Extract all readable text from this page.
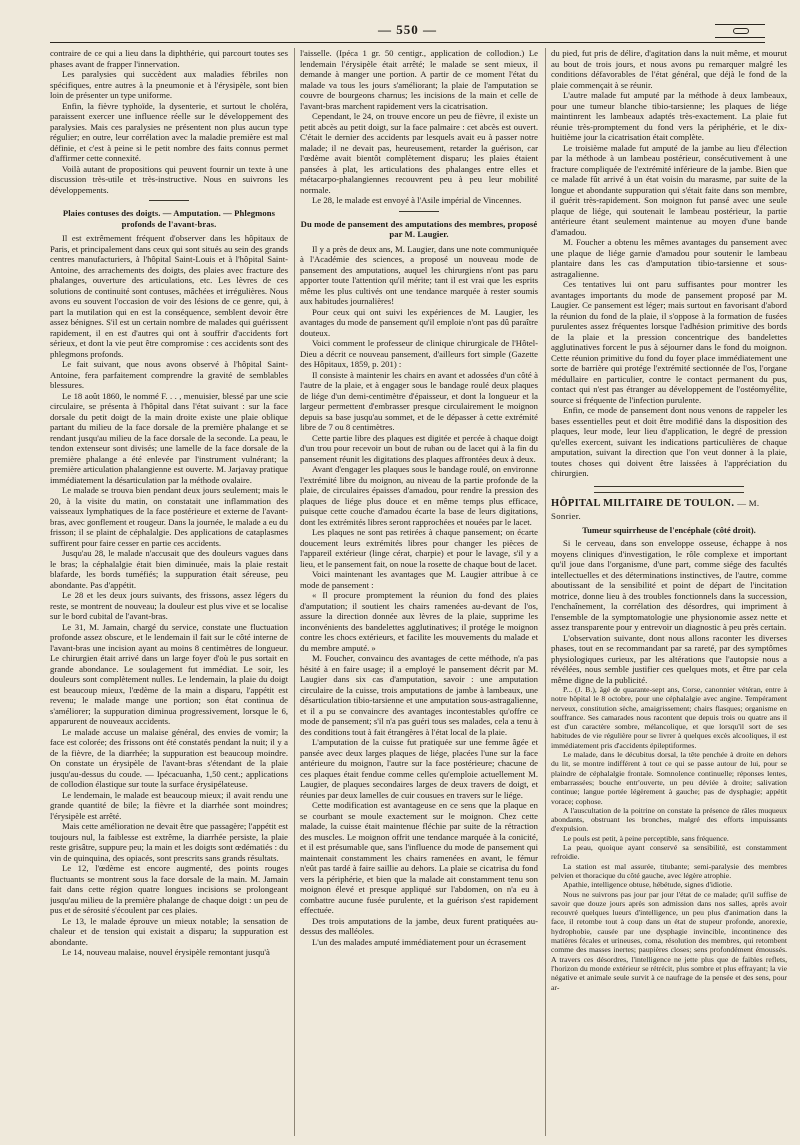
— 550 —

contraire de ce qui a lieu dans la diphthérie, qui parcourt toutes ses phases avant de frapper l'innervation.

Les paralysies qui succèdent aux maladies fébriles non spécifiques, entre autres à la pneumonie et à l'érysipèle, sont bien loin de présenter un type uniforme.

Enfin, la fièvre typhoïde, la dysenterie, et surtout le choléra, paraissent exercer une influence réelle sur le développement des paralysies. Mais ces paralysies ne présentent non plus aucun type régulier; en outre, leur corrélation avec la maladie première est mal définie, et c'est à peine si le petit nombre des faits connus permet d'affirmer cette connexité.

Voilà autant de propositions qui peuvent fournir un texte à une discussion très-utile et très-instructive. Nous en suivrons les développements.

Plaies contuses des doigts. — Amputation. — Phlegmons profonds de l'avant-bras.

Il est extrêmement fréquent d'observer dans les hôpitaux de Paris, et principalement dans ceux qui sont situés au sein des grands centres manufacturiers, à l'hôpital Saint-Louis et à l'hôpital Saint-Antoine, des arrachements des doigts, des plaies avec fracture des phalanges, ouverture des articulations, etc. Les lèvres de ces solutions de continuité sont contuses, mâchées et irrégulières. Nous avons eu souvent l'occasion de voir des lésions de ce genre, qui, à part la mutilation qui en est la conséquence, semblent devoir être assez bénignes. S'il est un certain nombre de malades qui guérissent rapidement, il en est d'autres qui ont à souffrir d'accidents fort sérieux, et dont la vie peut être compromise : ces accidents sont des phlegmons profonds.

Le fait suivant, que nous avons observé à l'hôpital Saint-Antoine, fera parfaitement comprendre la gravité de semblables blessures.

Le 18 août 1860, le nommé F. . . , menuisier, blessé par une scie circulaire, se présenta à l'hôpital dans l'état suivant : sur la face dorsale du petit doigt de la main droite existe une plaie oblique partant du milieu de la face dorsale de la première phalange et se rendant jusqu'au milieu de la face dorsale de la seconde. La peau, le tendon extenseur sont divisés; une lamelle de la face dorsale de la première phalange a été enlevée par l'instrument vulnérant; la première articulation phalangienne est ouverte. M. Jarjavay pratique immédiatement la désarticulation par la méthode ovalaire.

Le malade se trouva bien pendant deux jours seulement; mais le 20, à la visite du matin, on constatait une inflammation des vaisseaux lymphatiques de la face postérieure et externe de l'avant-bras, avec gonflement et rougeur. Dans la journée, le malade a eu du frisson; il se plaint de céphalalgie. Des applications de cataplasmes suffirent pour faire cesser en partie ces accidents.

Jusqu'au 28, le malade n'accusait que des douleurs vagues dans le bras; la céphalalgie était bien diminuée, mais la plaie restait blafarde, les bords tuméfiés; la suppuration était séreuse, peu abondante. Pas d'appétit.

Le 28 et les deux jours suivants, des frissons, assez légers du reste, se montrent de nouveau; la douleur est plus vive et se localise sur le bord cubital de l'avant-bras.

Le 31, M. Jamain, chargé du service, constate une fluctuation profonde assez obscure, et le lendemain il fait sur le côté interne de l'avant-bras une incision ayant au moins 8 centimètres de longueur. Le chirurgien était arrivé dans un large foyer d'où le pus sortait en grande abondance. Le soulagement fut immédiat. Le soir, les douleurs sont complètement nulles. Le lendemain, la plaie du doigt est beaucoup mieux, l'œdème de la main a disparu, l'appétit est revenu; le malade mange une portion; son état continua de s'améliorer; la suppuration diminua progressivement, lorsque le 6, apparurent de nouveaux accidents.

Le malade accuse un malaise général, des envies de vomir; la face est colorée; des frissons ont été constatés pendant la nuit; il y a de la fièvre, de la diarrhée; la suppuration est beaucoup moindre. On constate un érysipèle de l'avant-bras s'étendant de la plaie jusqu'au-dessus du coude. — Ipécacuanha, 1,50 cent.; applications de collodion élastique sur toute la surface érysipélateuse.

Le lendemain, le malade est beaucoup mieux; il avait rendu une grande quantité de bile; la fièvre et la diarrhée sont moindres; l'érysipèle est arrêté.

Mais cette amélioration ne devait être que passagère; l'appétit est toujours nul, la faiblesse est extrême, la diarrhée persiste, la plaie reste grisâtre, suppure peu; la main et les doigts sont œdématiés : du vin de quinquina, des opiacés, sont prescrits sans grands résultats.

Le 12, l'œdème est encore augmenté, des points rouges fluctuants se montrent sous la face dorsale de la main. M. Jamain fait dans cette région quatre longues incisions se prolongeant jusqu'au milieu de la première phalange de chaque doigt : un peu de pus et de sérosité s'écoulent par ces plaies.

Le 13, le malade éprouve un mieux notable; la sensation de chaleur et de tension qui existait a disparu; la suppuration est abondante.

Le 14, nouveau malaise, nouvel érysipèle remontant jusqu'à

l'aisselle. (Ipéca 1 gr. 50 centigr., application de collodion.) Le lendemain l'érysipèle était arrêté; le malade se sent mieux, il demande à manger une portion. A partir de ce moment l'état du malade va tous les jours s'améliorant; la plaie de l'amputation se couvre de bourgeons charnus; les incisions de la main et celle de l'avant-bras marchent rapidement vers la cicatrisation.

Cependant, le 24, on trouve encore un peu de fièvre, il existe un petit abcès au petit doigt, sur la face palmaire : cet abcès est ouvert. C'était le dernier des accidents par lesquels avait eu à passer notre malade; il ne devait pas, heureusement, retarder la guérison, car l'œdème avait bientôt complètement disparu; les plaies étaient pansées à plat, les articulations des phalanges entre elles et métacarpo-phalangiennes recouvrent peu à peu leur mobilité normale.

Le 28, le malade est envoyé à l'Asile impérial de Vincennes.

Du mode de pansement des amputations des membres, proposé par M. Laugier.

Il y a près de deux ans, M. Laugier, dans une note communiquée à l'Académie des sciences, a proposé un nouveau mode de pansement des amputations, auquel les chirurgiens n'ont pas paru apporter toute l'attention qu'il mérite; tant il est vrai que les esprits même les plus cultivés ont une tendance marquée à rester soumis aux habitudes journalières!

Pour ceux qui ont suivi les expériences de M. Laugier, les avantages du mode de pansement qu'il emploie n'ont pas dû paraître douteux.

Voici comment le professeur de clinique chirurgicale de l'Hôtel-Dieu a décrit ce nouveau pansement, d'ailleurs fort simple (Gazette des Hôpitaux, 1859, p. 201) :

Il consiste à maintenir les chairs en avant et adossées d'un côté à l'autre de la plaie, et à engager sous le bandage roulé deux plaques de liége d'un demi-centimètre d'épaisseur, et dont la longueur et la largeur permettent d'embrasser presque circulairement le moignon depuis sa base jusqu'au sommet, et de le dépasser à cette extrémité libre de 7 ou 8 centimètres.

Cette partie libre des plaques est digitée et percée à chaque doigt d'un trou pour recevoir un bout de ruban ou de lacet qui à la fin du pansement réunit les digitations des plaques affrontées deux à deux.

Avant d'engager les plaques sous le bandage roulé, on environne l'extrémité libre du moignon, au niveau de la partie profonde de la plaie, de circulaires épaisses d'amadou, pour rendre la pression des plaques de liége plus douce et en même temps plus efficace, puisque cette couche d'amadou écarte la base de leurs digitations, dont les extrémités libres seront rapprochées et nouées par le lacet.

Les plaques ne sont pas retirées à chaque pansement; on écarte doucement leurs extrémités libres pour changer les pièces de l'appareil extérieur (linge cérat, charpie) et pour le lavage, s'il y a lieu, et le pansement fait, on noue la rosette de chaque bout de lacet.

Voici maintenant les avantages que M. Laugier attribue à ce mode de pansement :

« Il procure promptement la réunion du fond des plaies d'amputation; il soutient les chairs ramenées au-devant de l'os, assure la direction donnée aux lèvres de la plaie, supprime les inconvénients des bandelettes agglutinatives; il protége le moignon contre les chocs extérieurs, et facilite les mouvements du malade et du membre amputé. »

M. Foucher, convaincu des avantages de cette méthode, n'a pas hésité à en faire usage; il a employé le pansement décrit par M. Laugier dans six cas d'amputation, savoir : une amputation circulaire de la cuisse, trois amputations de jambe à lambeaux, une désarticulation tibio-tarsienne et une amputation sous-astragalienne, et il a pu se convaincre des avantages incontestables qu'offre ce mode de pansement; s'il n'a pas guéri tous ses malades, cela a tenu à des conditions tout à fait étrangères à l'état local de la plaie.

L'amputation de la cuisse fut pratiquée sur une femme âgée et pansée avec deux larges plaques de liége, placées l'une sur la face antérieure du moignon, l'autre sur la face postérieure; chacune de ces plaques était fendue comme celles qu'emploie actuellement M. Laugier, de plaques secondaires larges de deux travers de doigt, et réunies par deux lamelles de cuir cousues en travers sur le liége.

Cette modification est avantageuse en ce sens que la plaque en se courbant se moule exactement sur le moignon. Chez cette malade, la cuisse était maintenue fléchie par suite de la rétraction des muscles. Le moignon offrit une tendance marquée à la conicité, et il est présumable que, sans l'influence du mode de pansement qui maintenait constamment les chairs ramenées en avant, le fémur n'eût pas tardé à faire saillie au dehors. La plaie se cicatrisa du fond vers la périphérie, et bien que la malade ait constamment tenu son moignon élevé et presque appliqué sur l'abdomen, on n'a eu à combattre aucune fusée purulente, et la guérison s'est rapidement effectuée.

Des trois amputations de la jambe, deux furent pratiquées au-dessus des malléoles.

L'un des malades amputé immédiatement pour un écrasement

du pied, fut pris de délire, d'agitation dans la nuit même, et mourut au bout de trois jours, et nous avons pu remarquer malgré les conditions défavorables de l'état général, que déjà le fond de la plaie commençait à se réunir.

L'autre malade fut amputé par la méthode à deux lambeaux, pour une tumeur blanche tibio-tarsienne; les plaques de liége maintinrent les lambeaux adaptés très-exactement. La plaie fut réunie très-promptement du fond vers la périphérie, et le dix-huitième jour la cicatrisation était complète.

Le troisième malade fut amputé de la jambe au lieu d'élection par la méthode à un lambeau postérieur, consécutivement à une fracture compliquée de l'extrémité inférieure de la jambe. Bien que ce malade fût arrivé à un état voisin du marasme, par suite de la longue et abondante suppuration qui s'était faite dans son membre, il guérit très-rapidement. Son moignon fut pansé avec une seule plaque de liége, qui soutenait le lambeau postérieur, la partie antérieure étant seulement maintenue au moyen d'une bande d'amadou.

M. Foucher a obtenu les mêmes avantages du pansement avec une plaque de liége garnie d'amadou pour soutenir le lambeau plantaire dans les cas d'amputation tibio-tarsienne et sous-astragalienne.

Ces tentatives lui ont paru suffisantes pour montrer les avantages importants du mode de pansement proposé par M. Laugier. Ce pansement est léger; mais surtout en favorisant d'abord la réunion du fond de la plaie, il s'oppose à la formation de fusées purulentes assez fréquentes lorsque l'adhésion primitive des bords de la plaie et la pression concentrique des bandelettes agglutinatives forcent le pus à séjourner dans le fond du moignon. Cette réunion primitive du fond du foyer place immédiatement une sorte de barrière qui protége l'extrémité sectionnée de l'os, l'organe médullaire en particulier, contre le contact permanent du pus, contact qui n'est pas étranger au développement de l'ostéomyélite, source si fréquente de l'infection purulente.

Enfin, ce mode de pansement dont nous venons de rappeler les bases essentielles peut et doit être modifié dans la disposition des plaques, leur mode, leur lieu d'application, le degré de pression qu'elles exercent, suivant les indications particulières de chaque amputation, suivant la direction que l'on veut donner à la plaie, toutes choses qui doivent être laissées à l'appréciation du chirurgien.

HÔPITAL MILITAIRE DE TOULON. — M. Sonrier.
Tumeur squirrheuse de l'encéphale (côté droit).

Si le cerveau, dans son enveloppe osseuse, échappe à nos moyens cliniques d'investigation, le rôle complexe et important qu'il joue dans l'organisme, d'une part, comme siége des facultés intellectuelles et des déterminations instinctives, de l'autre, comme aboutissant de la sensibilité et point de départ de l'incitation motrice, donne lieu à des troubles fonctionnels dans la succession, l'enchaînement, la corrélation des désordres, qui impriment à l'ensemble de la symptomatologie une physionomie assez nette et assez transparente pour y entrevoir un diagnostic à peu près certain.

L'observation suivante, dont nous allons raconter les diverses phases, tout en se recommandant par sa rareté, par des symptômes physiologiques curieux, par les altérations que l'autopsie nous a révélées, nous semble justifier ces quelques mots, et être par cela même digne de la publicité.

P... (J. B.), âgé de quarante-sept ans, Corse, canonnier vétéran, entre à notre hôpital le 8 octobre, pour une céphalalgie avec angine. Tempérament nerveux, constitution sèche, amaigrissement; chairs flasques; organisme en souffrance. Ses camarades nous racontent que depuis trois ou quatre ans il est d'un caractère sombre, mélancolique, et que lorsqu'il sort de ses habitudes de vie régulière pour se livrer à quelques excès alcooliques, il est immédiatement pris d'accidents épileptiformes.

Le malade, dans le décubitus dorsal, la tête penchée à droite en dehors du lit, se montre indifférent à tout ce qui se passe autour de lui, pour se plaindre de céphalalgie frontale. Somnolence continuelle; réponses lentes, embarrassées; bouche entr'ouverte, un peu déviée à droite; salivation continue; langue portée légèrement à gauche; pas de dysphagie; appétit vorace; cophose.

A l'auscultation de la poitrine on constate la présence de râles muqueux abondants, obstruant les bronches, malgré des efforts impuissants d'expulsion.

Le pouls est petit, à peine perceptible, sans fréquence.

La peau, quoique ayant conservé sa sensibilité, est constamment refroidie.

La station est mal assurée, titubante; semi-paralysie des membres pelvien et thoracique du côté gauche, avec légère atrophie.

Apathie, intelligence obtuse, hébétude, signes d'idiotie.

Nous ne suivrons pas jour par jour l'état de ce malade; qu'il suffise de savoir que douze jours après son admission dans nos salles, après avoir recouvré quelques lueurs d'intelligence, un peu plus d'animation dans la face, il retombe tout à coup dans un état de stupeur profonde, anorexie, hydrophobie, causée par une dysphagie invincible, incontinence des matières fécales et urineuses, coma, résolution des membres, qui retombent comme des masses inertes; paupières closes; sens profondément émoussés. A travers ces désordres, l'intelligence ne jette plus que de faibles reflets, l'horizon du monde extérieur se rétrécit, plus sombre et plus effrayant; la vie négative et animale seule survit à ce naufrage de la pensée et des sens, pour ar-
